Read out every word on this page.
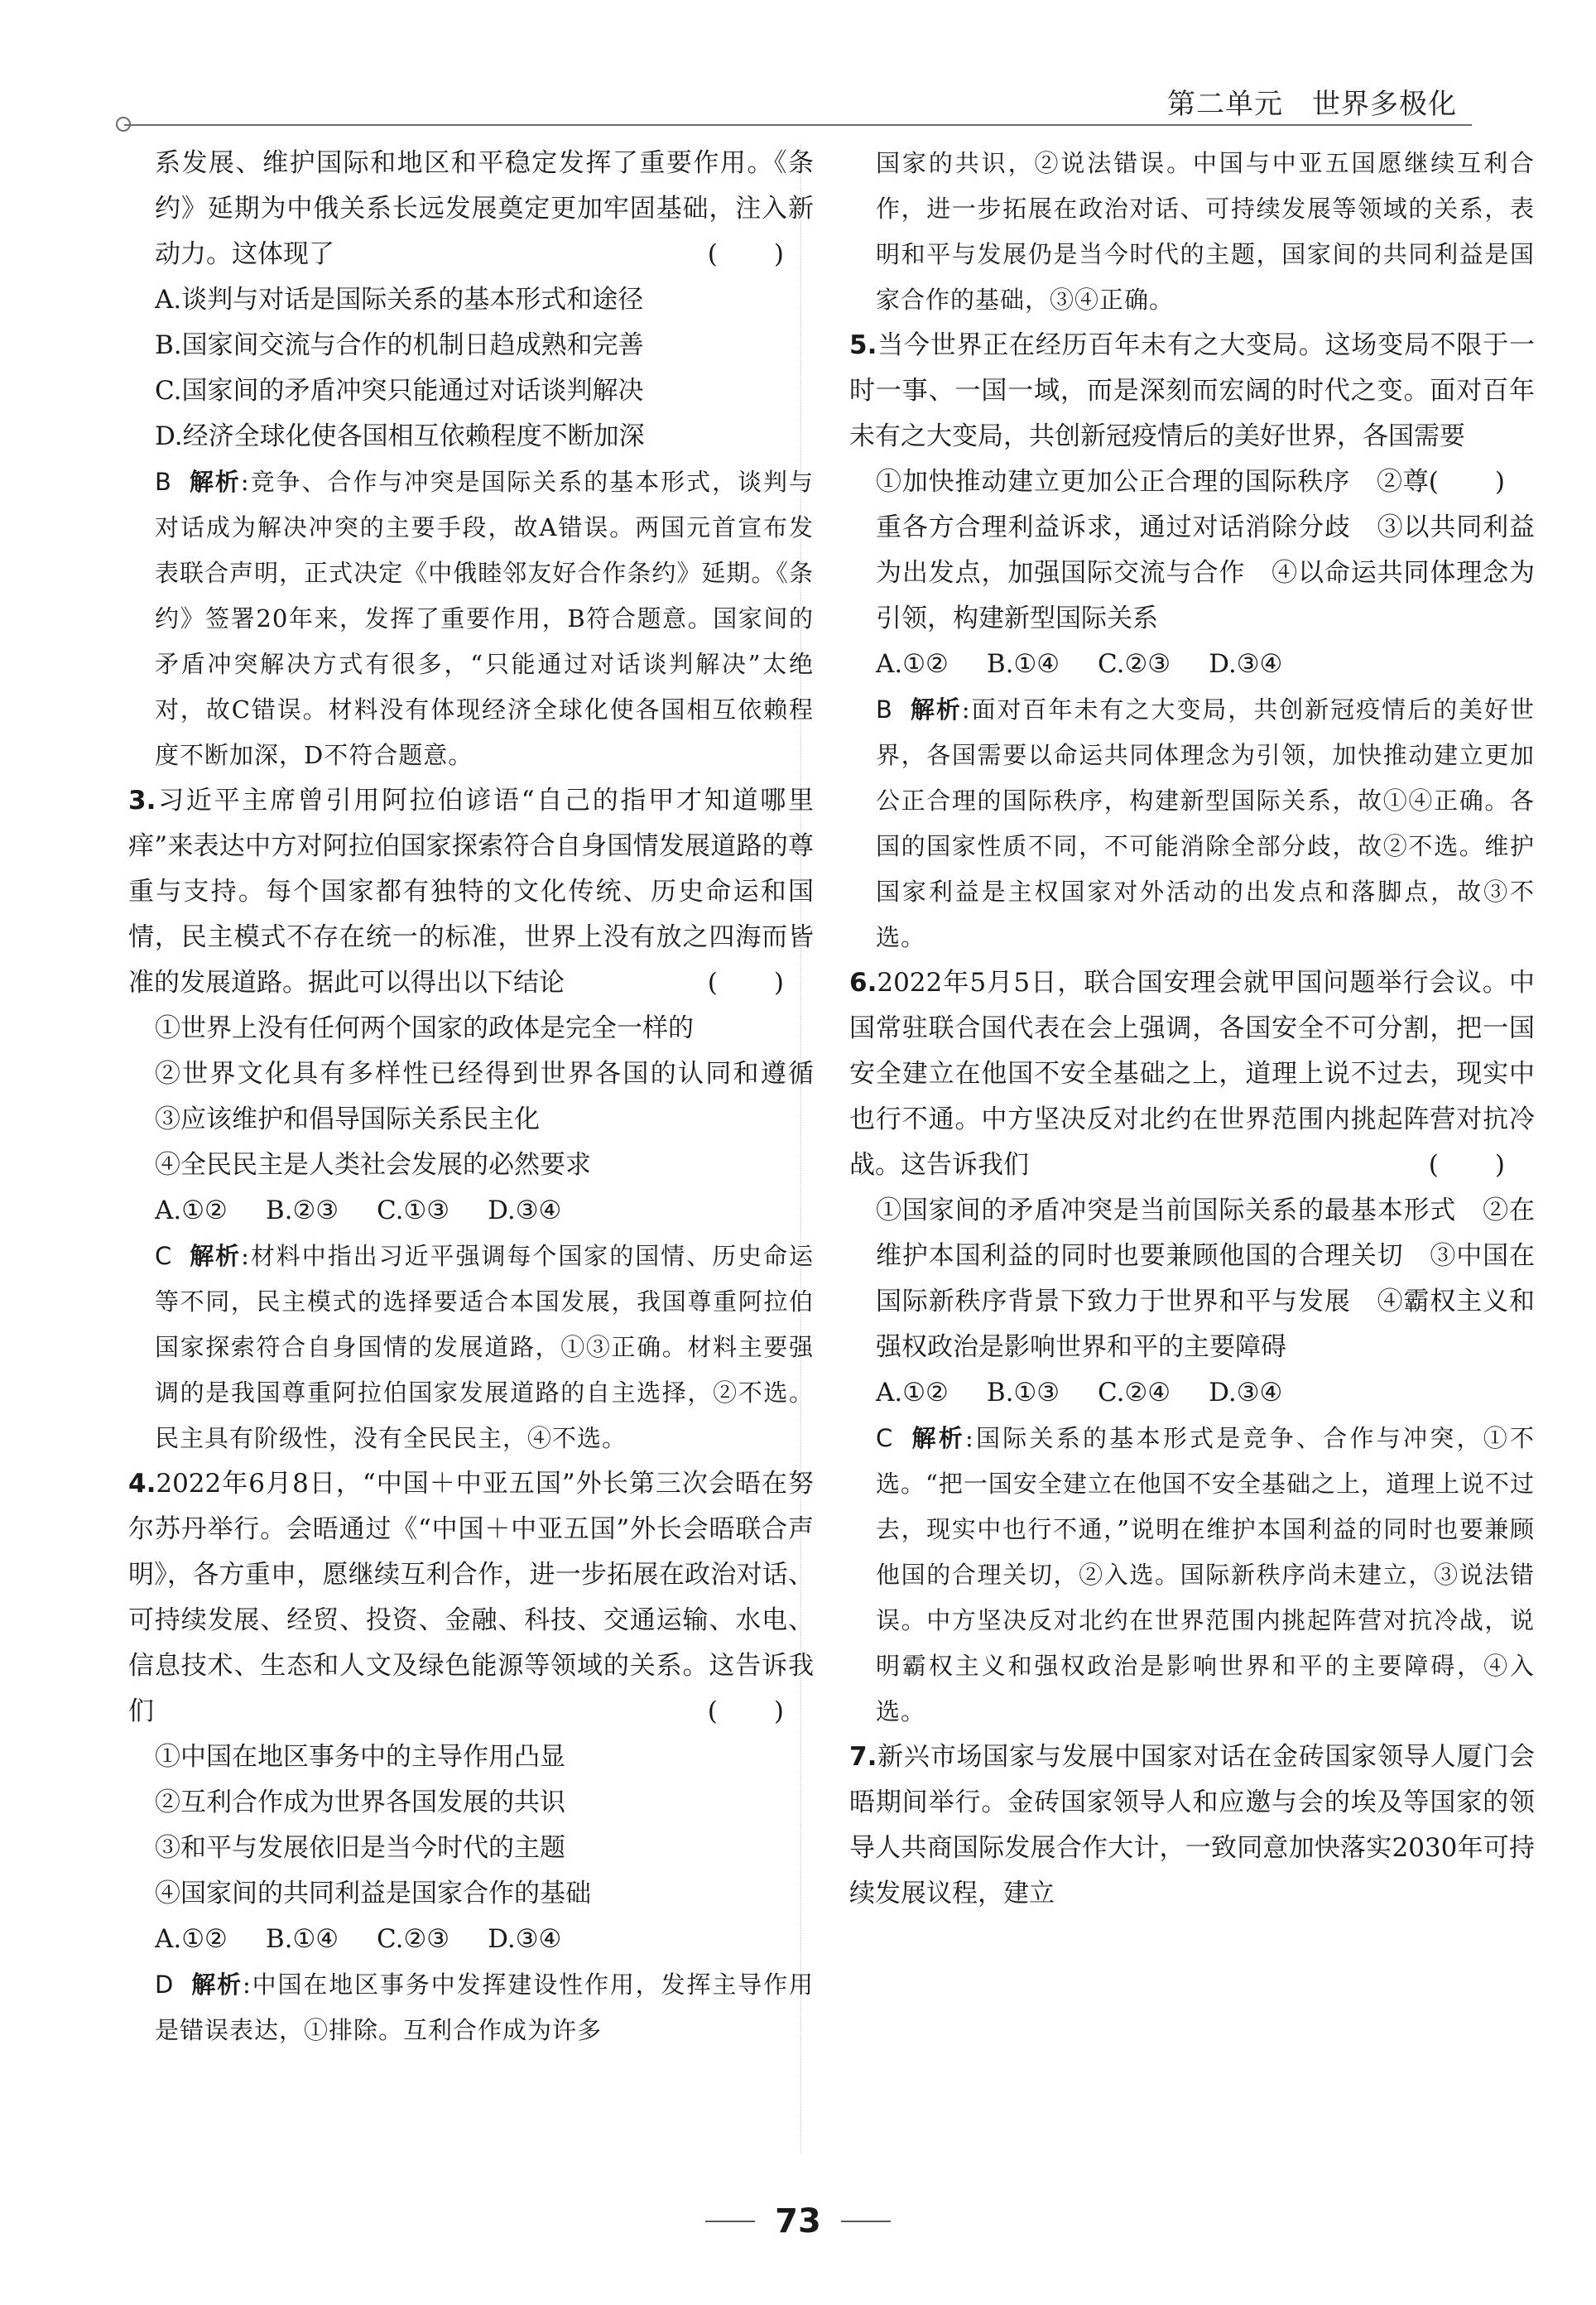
第二单元　世界多极化

系发展、维护国际和地区和平稳定发挥了重要作用。《条约》延期为中俄关系长远发展奠定更加牢固基础，注入新动力。这体现了	(　　)

A.谈判与对话是国际关系的基本形式和途径

B.国家间交流与合作的机制日趋成熟和完善

C.国家间的矛盾冲突只能通过对话谈判解决

D.经济全球化使各国相互依赖程度不断加深

B 解析:竞争、合作与冲突是国际关系的基本形式，谈判与对话成为解决冲突的主要手段，故A错误。两国元首宣布发表联合声明，正式决定《中俄睦邻友好合作条约》延期。《条约》签署20年来，发挥了重要作用，B符合题意。国家间的矛盾冲突解决方式有很多，“只能通过对话谈判解决”太绝对，故C错误。材料没有体现经济全球化使各国相互依赖程度不断加深，D不符合题意。

3.习近平主席曾引用阿拉伯谚语“自己的指甲才知道哪里痒”来表达中方对阿拉伯国家探索符合自身国情发展道路的尊重与支持。每个国家都有独特的文化传统、历史命运和国情，民主模式不存在统一的标准，世界上没有放之四海而皆准的发展道路。据此可以得出以下结论	(　　)

①世界上没有任何两个国家的政体是完全一样的

②世界文化具有多样性已经得到世界各国的认同和遵循　③应该维护和倡导国际关系民主化

④全民民主是人类社会发展的必然要求

A.①② B.②③ C.①③ D.③④

C 解析:材料中指出习近平强调每个国家的国情、历史命运等不同，民主模式的选择要适合本国发展，我国尊重阿拉伯国家探索符合自身国情的发展道路，①③正确。材料主要强调的是我国尊重阿拉伯国家发展道路的自主选择，②不选。民主具有阶级性，没有全民民主，④不选。

4.2022年6月8日，“中国＋中亚五国”外长第三次会晤在努尔苏丹举行。会晤通过《“中国＋中亚五国”外长会晤联合声明》，各方重申，愿继续互利合作，进一步拓展在政治对话、可持续发展、经贸、投资、金融、科技、交通运输、水电、信息技术、生态和人文及绿色能源等领域的关系。这告诉我们	(　　)

①中国在地区事务中的主导作用凸显

②互利合作成为世界各国发展的共识

③和平与发展依旧是当今时代的主题

④国家间的共同利益是国家合作的基础

A.①② B.①④ C.②③ D.③④

D 解析:中国在地区事务中发挥建设性作用，发挥主导作用是错误表达，①排除。互利合作成为许多

国家的共识，②说法错误。中国与中亚五国愿继续互利合作，进一步拓展在政治对话、可持续发展等领域的关系，表明和平与发展仍是当今时代的主题，国家间的共同利益是国家合作的基础，③④正确。

5.当今世界正在经历百年未有之大变局。这场变局不限于一时一事、一国一域，而是深刻而宏阔的时代之变。面对百年未有之大变局，共创新冠疫情后的美好世界，各国需要
(　　)

①加快推动建立更加公正合理的国际秩序　②尊重各方合理利益诉求，通过对话消除分歧　③以共同利益为出发点，加强国际交流与合作　④以命运共同体理念为引领，构建新型国际关系

A.①② B.①④ C.②③ D.③④

B 解析:面对百年未有之大变局，共创新冠疫情后的美好世界，各国需要以命运共同体理念为引领，加快推动建立更加公正合理的国际秩序，构建新型国际关系，故①④正确。各国的国家性质不同，不可能消除全部分歧，故②不选。维护国家利益是主权国家对外活动的出发点和落脚点，故③不选。

6.2022年5月5日，联合国安理会就甲国问题举行会议。中国常驻联合国代表在会上强调，各国安全不可分割，把一国安全建立在他国不安全基础之上，道理上说不过去，现实中也行不通。中方坚决反对北约在世界范围内挑起阵营对抗冷战。这告诉我们	(　　)

①国家间的矛盾冲突是当前国际关系的最基本形式　②在维护本国利益的同时也要兼顾他国的合理关切　③中国在国际新秩序背景下致力于世界和平与发展　④霸权主义和强权政治是影响世界和平的主要障碍

A.①② B.①③ C.②④ D.③④

C 解析:国际关系的基本形式是竞争、合作与冲突，①不选。“把一国安全建立在他国不安全基础之上，道理上说不过去，现实中也行不通，”说明在维护本国利益的同时也要兼顾他国的合理关切，②入选。国际新秩序尚未建立，③说法错误。中方坚决反对北约在世界范围内挑起阵营对抗冷战，说明霸权主义和强权政治是影响世界和平的主要障碍，④入选。

7.新兴市场国家与发展中国家对话在金砖国家领导人厦门会晤期间举行。金砖国家领导人和应邀与会的埃及等国家的领导人共商国际发展合作大计，一致同意加快落实2030年可持续发展议程，建立

73
